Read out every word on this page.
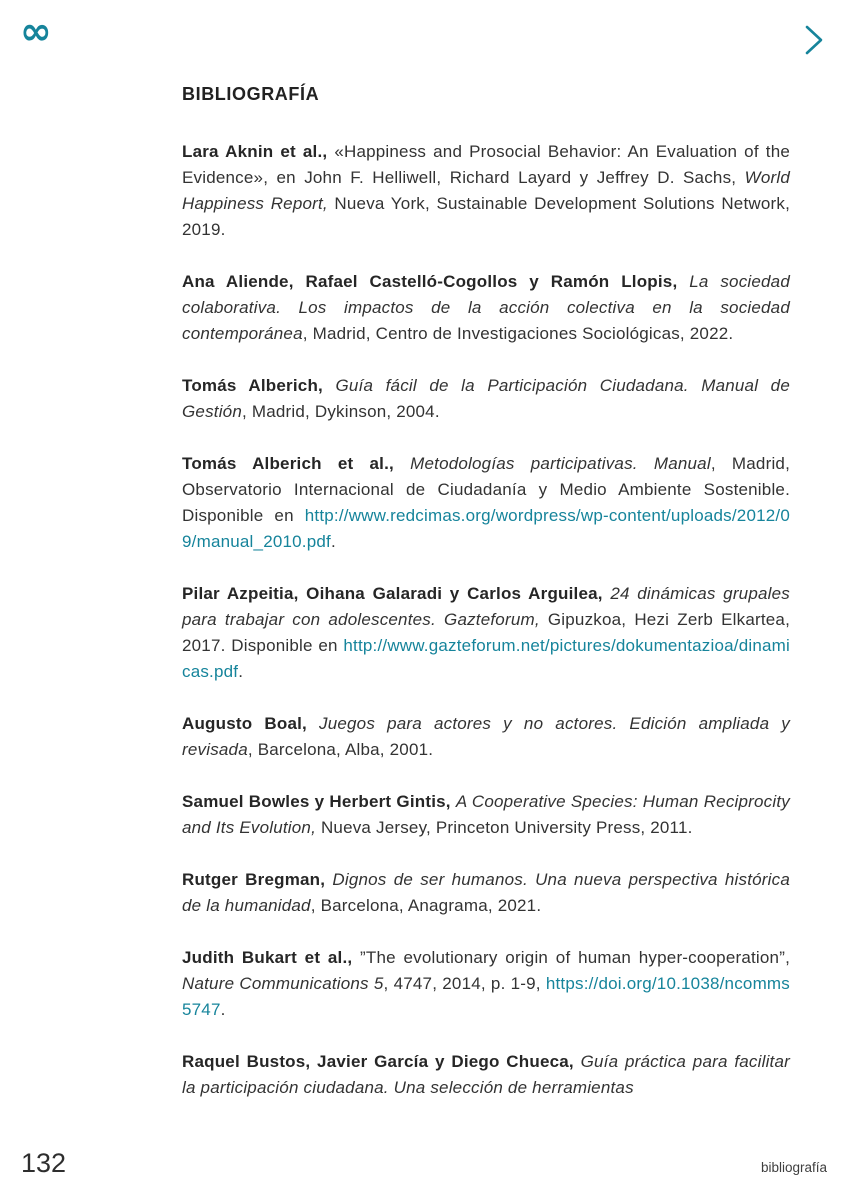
∞
BIBLIOGRAFÍA

Lara Aknin et al., «Happiness and Prosocial Behavior: An Evaluation of the Evidence», en John F. Helliwell, Richard Layard y Jeffrey D. Sachs, World Happiness Report, Nueva York, Sustainable Development Solutions Network, 2019.

Ana Aliende, Rafael Castelló-Cogollos y Ramón Llopis, La sociedad colaborativa. Los impactos de la acción colectiva en la sociedad contemporánea, Madrid, Centro de Investigaciones Sociológicas, 2022.

Tomás Alberich, Guía fácil de la Participación Ciudadana. Manual de Gestión, Madrid, Dykinson, 2004.

Tomás Alberich et al., Metodologías participativas. Manual, Madrid, Observatorio Internacional de Ciudadanía y Medio Ambiente Sostenible. Disponible en http://www.redcimas.org/wordpress/wp-content/uploads/2012/09/manual_2010.pdf.

Pilar Azpeitia, Oihana Galaradi y Carlos Arguilea, 24 dinámicas grupales para trabajar con adolescentes. Gazteforum, Gipuzkoa, Hezi Zerb Elkartea, 2017. Disponible en http://www.gazteforum.net/pictures/dokumentazioa/dinamicas.pdf.

Augusto Boal, Juegos para actores y no actores. Edición ampliada y revisada, Barcelona, Alba, 2001.

Samuel Bowles y Herbert Gintis, A Cooperative Species: Human Reciprocity and Its Evolution, Nueva Jersey, Princeton University Press, 2011.

Rutger Bregman, Dignos de ser humanos. Una nueva perspectiva histórica de la humanidad, Barcelona, Anagrama, 2021.

Judith Bukart et al., ”The evolutionary origin of human hyper-cooperation”, Nature Communications 5, 4747, 2014, p. 1-9, https://doi.org/10.1038/ncomms5747.

Raquel Bustos, Javier García y Diego Chueca, Guía práctica para facilitar la participación ciudadana. Una selección de herramientas

132	bibliografía
